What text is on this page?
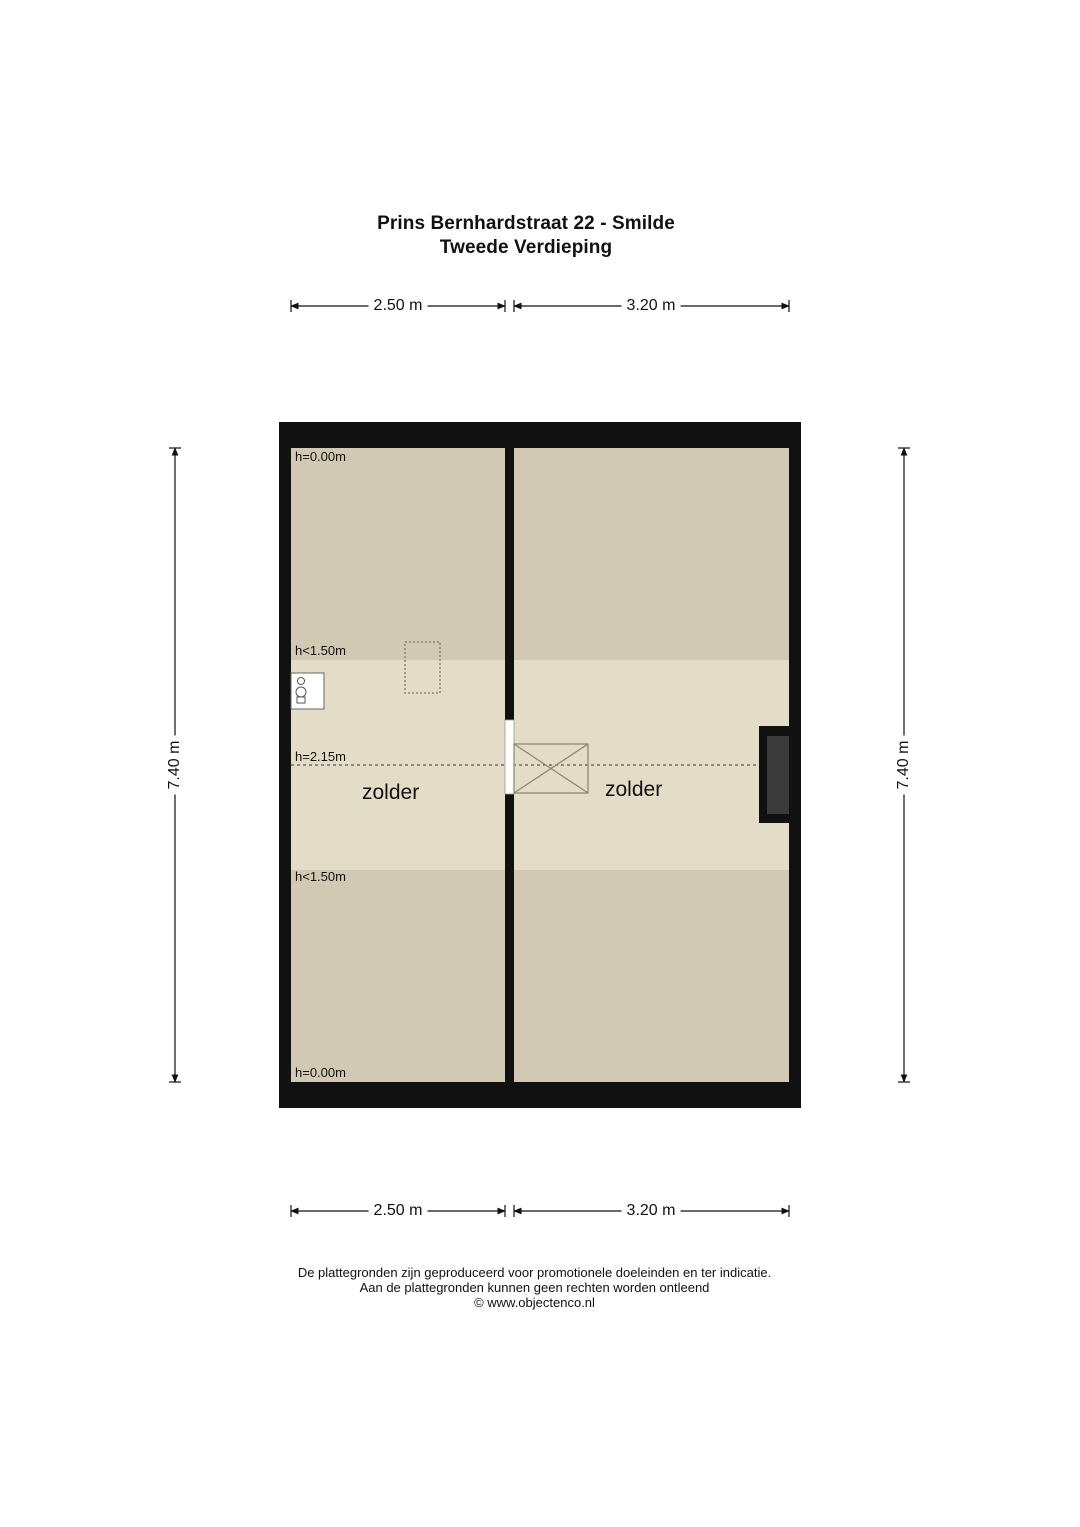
Prins Bernhardstraat 22 - Smilde
Tweede Verdieping
2.50 m	3.20 m
2.50 m	3.20 m
7.40 m	7.40 m
h=0.00m
h<1.50m
h=2.15m
h<1.50m
h=0.00m
zolder	zolder
De plattegronden zijn geproduceerd voor promotionele doeleinden en ter indicatie.
Aan de plattegronden kunnen geen rechten worden ontleend
© www.objectenco.nl
